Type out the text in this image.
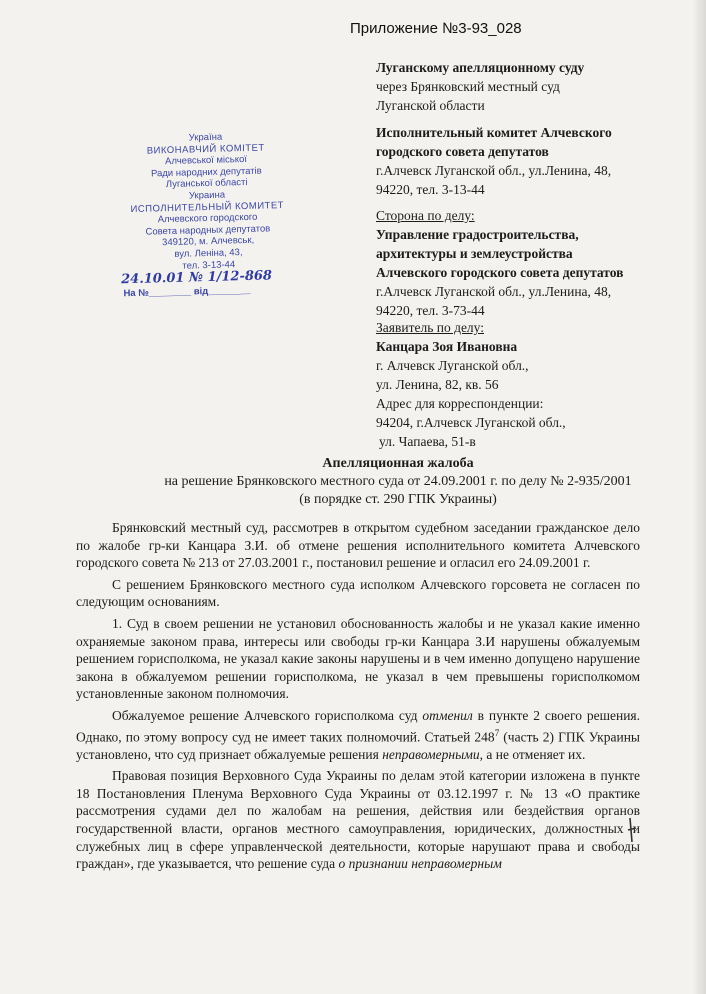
Приложение №3-93_028
Луганскому апелляционному суду
через Брянковский местный суд
Луганской области
Исполнительный комитет Алчевского
городского совета депутатов
г.Алчевск Луганской обл., ул.Ленина, 48,
94220, тел. 3-13-44
Сторона по делу:
Управление градостроительства,
архитектуры и землеустройства
Алчевского городского совета депутатов
г.Алчевск Луганской обл., ул.Ленина, 48,
94220, тел. 3-73-44
Заявитель по делу:
Канцара Зоя Ивановна
г. Алчевск Луганской обл.,
ул. Ленина, 82, кв. 56
Адрес для корреспонденции:
94204, г.Алчевск Луганской обл.,
ул. Чапаева, 51-в
Україна
ВИКОНАВЧИЙ КОМІТЕТ
Алчевської міської
Ради народних депутатів
Луганської області
Украина
ИСПОЛНИТЕЛЬНЫЙ КОМИТЕТ
Алчевского городского
Совета народных депутатов
349120, м. Алчевськ,
вул. Леніна, 43,
тел. 3-13-44
24.10.01 № 1/12-868
На №________ від________
Апелляционная жалоба
на решение Брянковского местного суда от 24.09.2001 г. по делу № 2-935/2001
(в порядке ст. 290 ГПК Украины)

Брянковский местный суд, рассмотрев в открытом судебном заседании гражданское дело по жалобе гр-ки Канцара З.И. об отмене решения исполнительного комитета Алчевского городского совета № 213 от 27.03.2001 г., постановил решение и огласил его 24.09.2001 г.

С решением Брянковского местного суда исполком Алчевского горсовета не согласен по следующим основаниям.

1. Суд в своем решении не установил обоснованность жалобы и не указал какие именно охраняемые законом права, интересы или свободы гр-ки Канцара З.И нарушены обжалуемым решением горисполкома, не указал какие законы нарушены и в чем именно допущено нарушение закона в обжалуемом решении горисполкома, не указал в чем превышены горисполкомом установленные законом полномочия.

Обжалуемое решение Алчевского горисполкома суд отменил в пункте 2 своего решения. Однако, по этому вопросу суд не имеет таких полномочий. Статьей $248^7$ (часть 2) ГПК Украины установлено, что суд признает обжалуемые решения неправомерными, а не отменяет их.

Правовая позиция Верховного Суда Украины по делам этой категории изложена в пункте 18 Постановления Пленума Верховного Суда Украины от 03.12.1997 г. № 13 «О практике рассмотрения судами дел по жалобам на решения, действия или бездействия органов государственной власти, органов местного самоуправления, юридических, должностных и служебных лиц в сфере управленческой деятельности, которые нарушают права и свободы граждан», где указывается, что решение суда о признании неправомерным
